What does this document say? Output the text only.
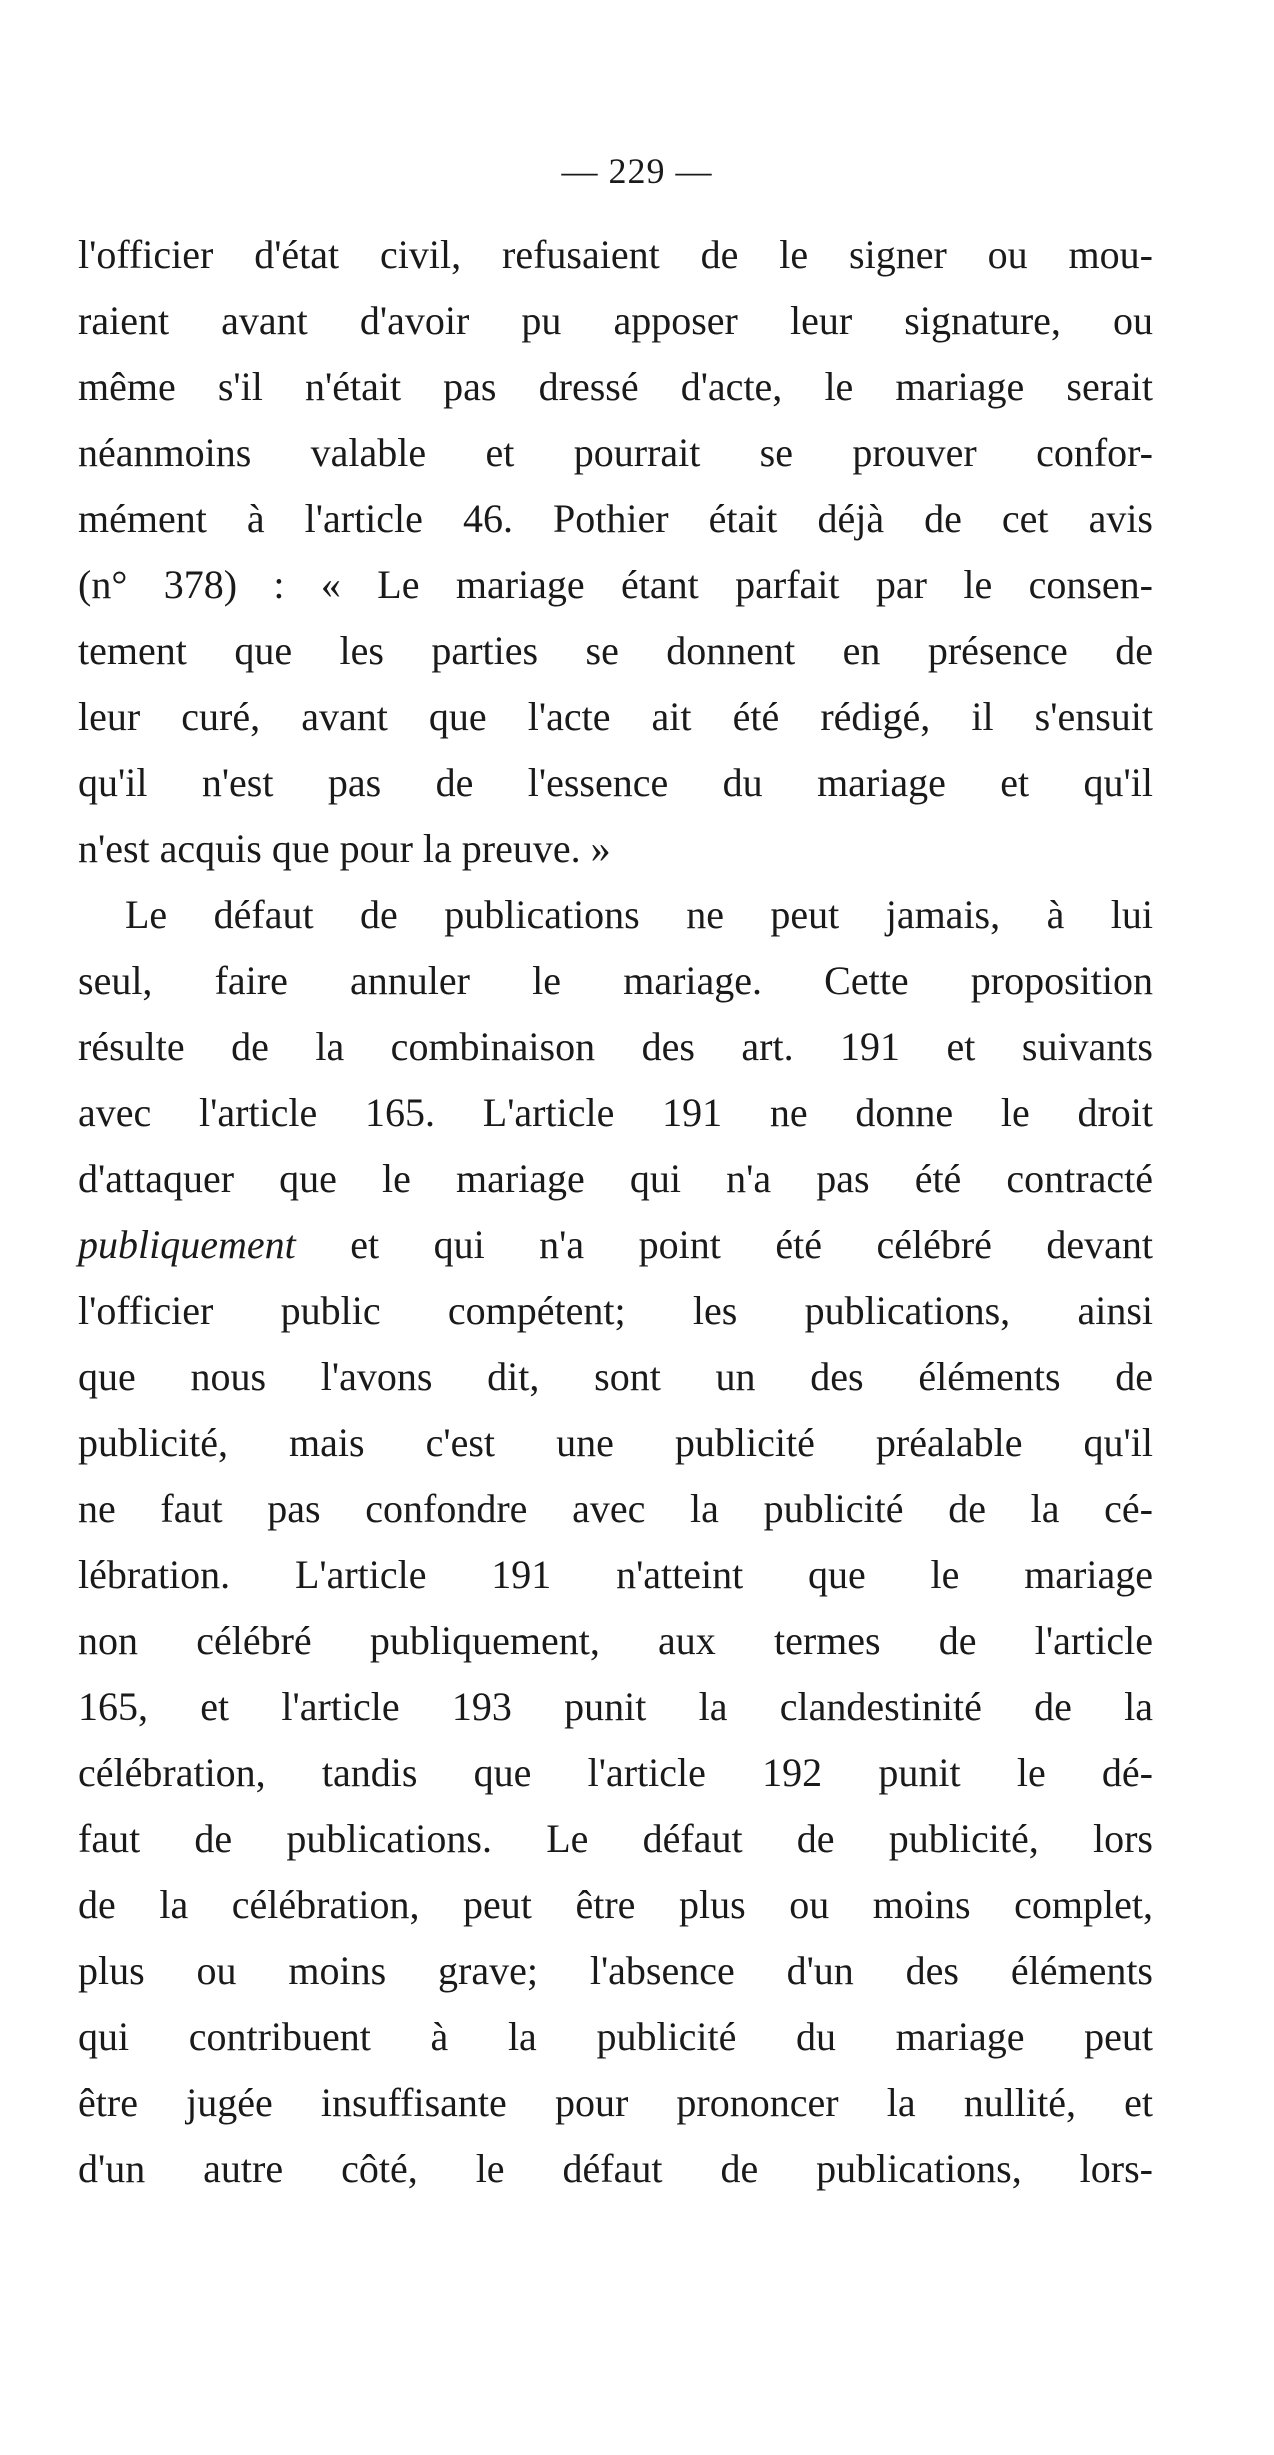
— 229 —
l'officier d'état civil, refusaient de le signer ou mou-
raient avant d'avoir pu apposer leur signature, ou
même s'il n'était pas dressé d'acte, le mariage serait
néanmoins valable et pourrait se prouver confor-
mément à l'article 46. Pothier était déjà de cet avis
(n° 378) : « Le mariage étant parfait par le consen-
tement que les parties se donnent en présence de
leur curé, avant que l'acte ait été rédigé, il s'ensuit
qu'il n'est pas de l'essence du mariage et qu'il
n'est acquis que pour la preuve. »
Le défaut de publications ne peut jamais, à lui
seul, faire annuler le mariage. Cette proposition
résulte de la combinaison des art. 191 et suivants
avec l'article 165. L'article 191 ne donne le droit
d'attaquer que le mariage qui n'a pas été contracté
publiquement et qui n'a point été célébré devant
l'officier public compétent; les publications, ainsi
que nous l'avons dit, sont un des éléments de
publicité, mais c'est une publicité préalable qu'il
ne faut pas confondre avec la publicité de la cé-
lébration. L'article 191 n'atteint que le mariage
non célébré publiquement, aux termes de l'article
165, et l'article 193 punit la clandestinité de la
célébration, tandis que l'article 192 punit le dé-
faut de publications. Le défaut de publicité, lors
de la célébration, peut être plus ou moins complet,
plus ou moins grave; l'absence d'un des éléments
qui contribuent à la publicité du mariage peut
être jugée insuffisante pour prononcer la nullité, et
d'un autre côté, le défaut de publications, lors-
